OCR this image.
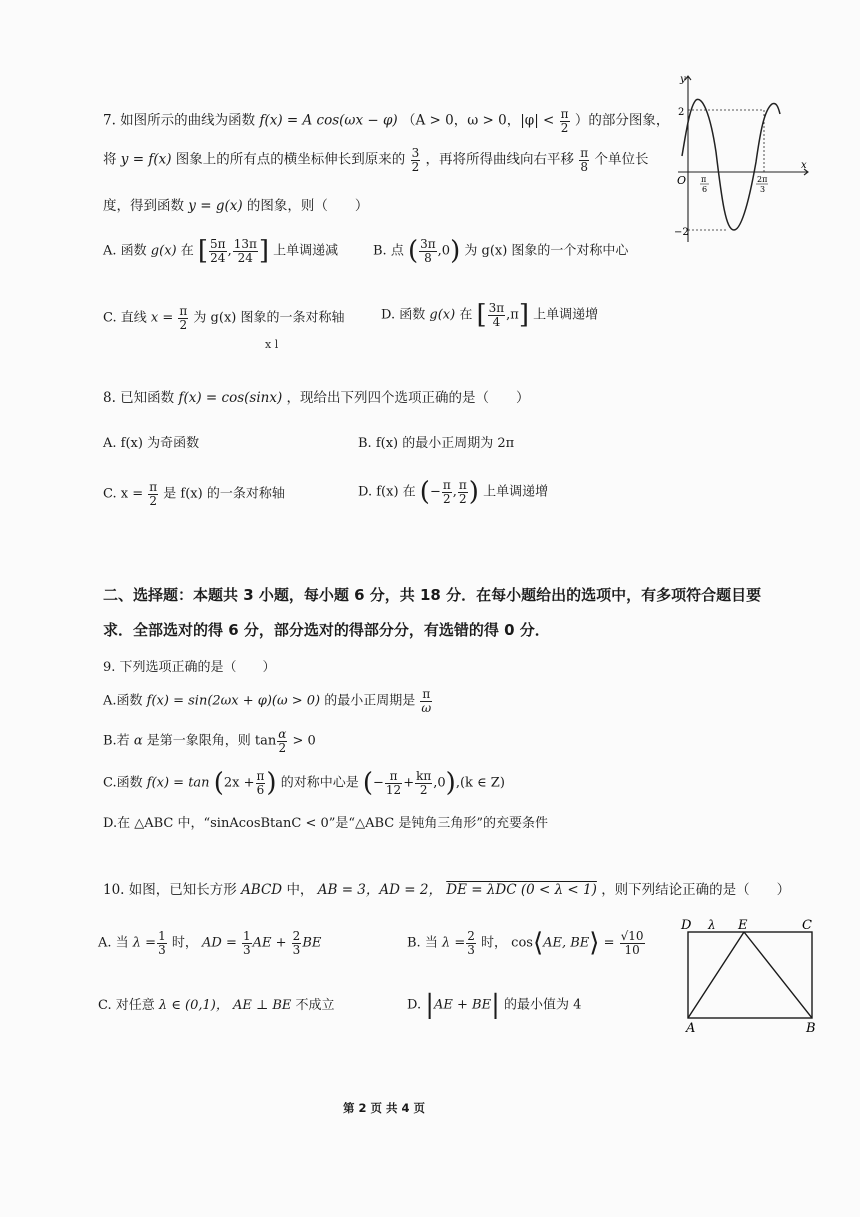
7. 如图所示的曲线为函数 f(x) = A cos(ωx − φ) （A > 0，ω > 0，$|\varphi| < \frac{\pi}{2}$ ）的部分图象，
将 y = f(x) 图象上的所有点的横坐标伸长到原来的 $\frac{3}{2}$ ，再将所得曲线向右平移 $\frac{\pi}{8}$ 个单位长
度，得到函数 y = g(x) 的图象，则（　　）
A. 函数 g(x) 在 [ $\frac{5\pi}{24}$ , $\frac{13\pi}{24}$ ] 上单调递减	B. 点 ( $\frac{3\pi}{8} ,0$) 为 g(x) 图象的一个对称中心
C. 直线 $x = \frac{\pi}{2}$ 为 g(x) 图象的一条对称轴	D. 函数 g(x) 在 [ $\frac{3\pi}{4} ,\pi$] 上单调递增
x l
y
x
O
2
−2
π
6
2π
3
8. 已知函数 f(x) = cos(sinx) ，现给出下列四个选项正确的是（　　）
A. f(x) 为奇函数	B. f(x) 的最小正周期为 2π
C. $x = \frac{\pi}{2}$ 是 f(x) 的一条对称轴	D. f(x) 在 (− $\frac{\pi}{2}$ , $\frac{\pi}{2}$ ) 上单调递增
二、选择题：本题共 3 小题，每小题 6 分，共 18 分．在每小题给出的选项中，有多项符合题目要
求．全部选对的得 6 分，部分选对的得部分分，有选错的得 0 分．
9. 下列选项正确的是（　　）
A.函数 f(x) = sin(2ωx + φ)(ω > 0) 的最小正周期是 $\frac{\pi}{\omega}$
B.若 α 是第一象限角，则 $\tan \frac{\alpha}{2} > 0$
C.函数 $f(x) = \tan (2x + \frac{\pi}{6}$ ) 的对称中心是 (− $\frac{\pi}{12} + \frac{k\pi}{2} ,0),(k$ ∈ Z)
D.在 △ABC 中，“sinAcosBtanC < 0”是“△ABC 是钝角三角形”的充要条件
10. 如图，已知长方形 ABCD 中， AB = 3，AD = 2， DE = λDC (0 < λ < 1) ，则下列结论正确的是（　　）
A. 当 $\lambda = \frac{1}{3}$ 时， AD = $\frac{1}{3}$ AE + $\frac{2}{3}$ BE	B. 当 $\lambda = \frac{2}{3}$ 时， cos⟨AE, BE⟩ = $\frac{√10}{10}$
C. 对任意 λ ∈ (0,1)， AE ⊥ BE 不成立	D. |AE + BE| 的最小值为 4
D λ E	C
A	B
第 2 页 共 4 页
